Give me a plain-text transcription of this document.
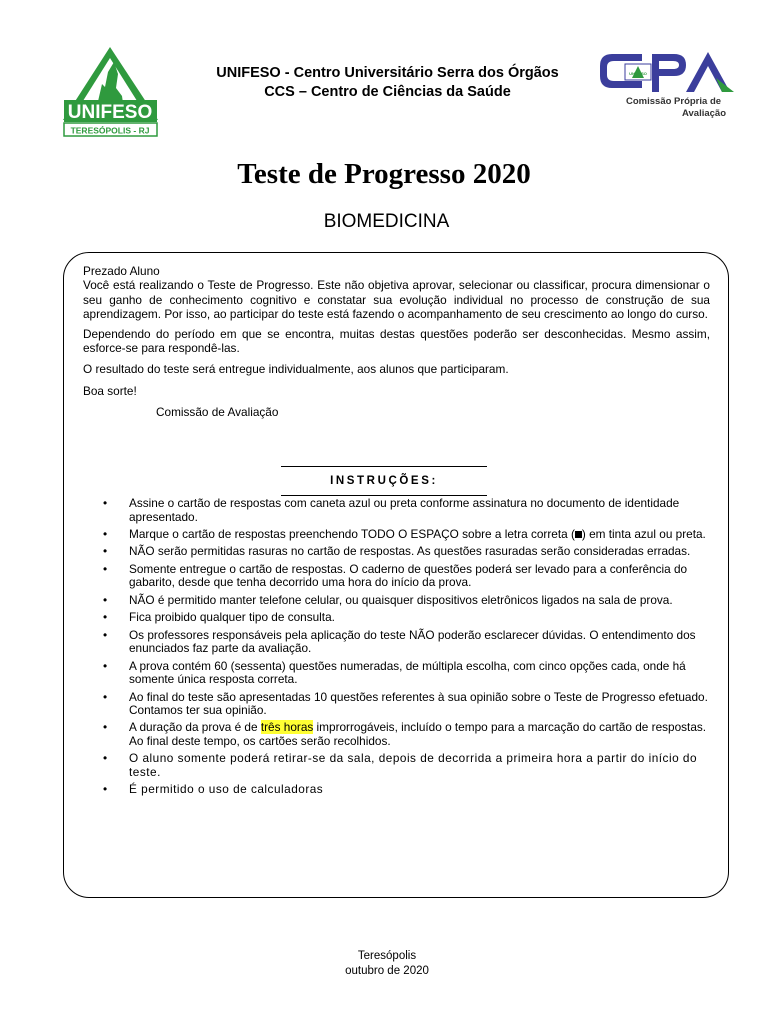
UNIFESO
TERESÓPOLIS - RJ
UNIFESO
Comissão Própria de
Avaliação
UNIFESO - Centro Universitário Serra dos Órgãos
CCS – Centro de Ciências da Saúde
Teste de Progresso 2020
BIOMEDICINA

Prezado Aluno

Você está realizando o Teste de Progresso. Este não objetiva aprovar, selecionar ou classificar, procura dimensionar o seu ganho de conhecimento cognitivo e constatar sua evolução individual no processo de construção de sua aprendizagem. Por isso, ao participar do teste está fazendo o acompanhamento de seu crescimento ao longo do curso.

Dependendo do período em que se encontra, muitas destas questões poderão ser desconhecidas. Mesmo assim, esforce-se para respondê-las.

O resultado do teste será entregue individualmente, aos alunos que participaram.

Boa sorte!

Comissão de Avaliação

INSTRUÇÕES:
• Assine o cartão de respostas com caneta azul ou preta conforme assinatura no documento de identidade apresentado.
• Marque o cartão de respostas preenchendo TODO O ESPAÇO sobre a letra correta ( ) em tinta azul ou preta.
• NÃO serão permitidas rasuras no cartão de respostas. As questões rasuradas serão consideradas erradas.
• Somente entregue o cartão de respostas. O caderno de questões poderá ser levado para a conferência do gabarito, desde que tenha decorrido uma hora do início da prova.
• NÃO é permitido manter telefone celular, ou quaisquer dispositivos eletrônicos ligados na sala de prova.
• Fica proibido qualquer tipo de consulta.
• Os professores responsáveis pela aplicação do teste NÃO poderão esclarecer dúvidas. O entendimento dos enunciados faz parte da avaliação.
• A prova contém 60 (sessenta) questões numeradas, de múltipla escolha, com cinco opções cada, onde há somente única resposta correta.
• Ao final do teste são apresentadas 10 questões referentes à sua opinião sobre o Teste de Progresso efetuado. Contamos ter sua opinião.
• A duração da prova é de três horas improrrogáveis, incluído o tempo para a marcação do cartão de respostas. Ao final deste tempo, os cartões serão recolhidos.
• O aluno somente poderá retirar-se da sala, depois de decorrida a primeira hora a partir do início do teste.
• É permitido o uso de calculadoras
Teresópolis
outubro de 2020
